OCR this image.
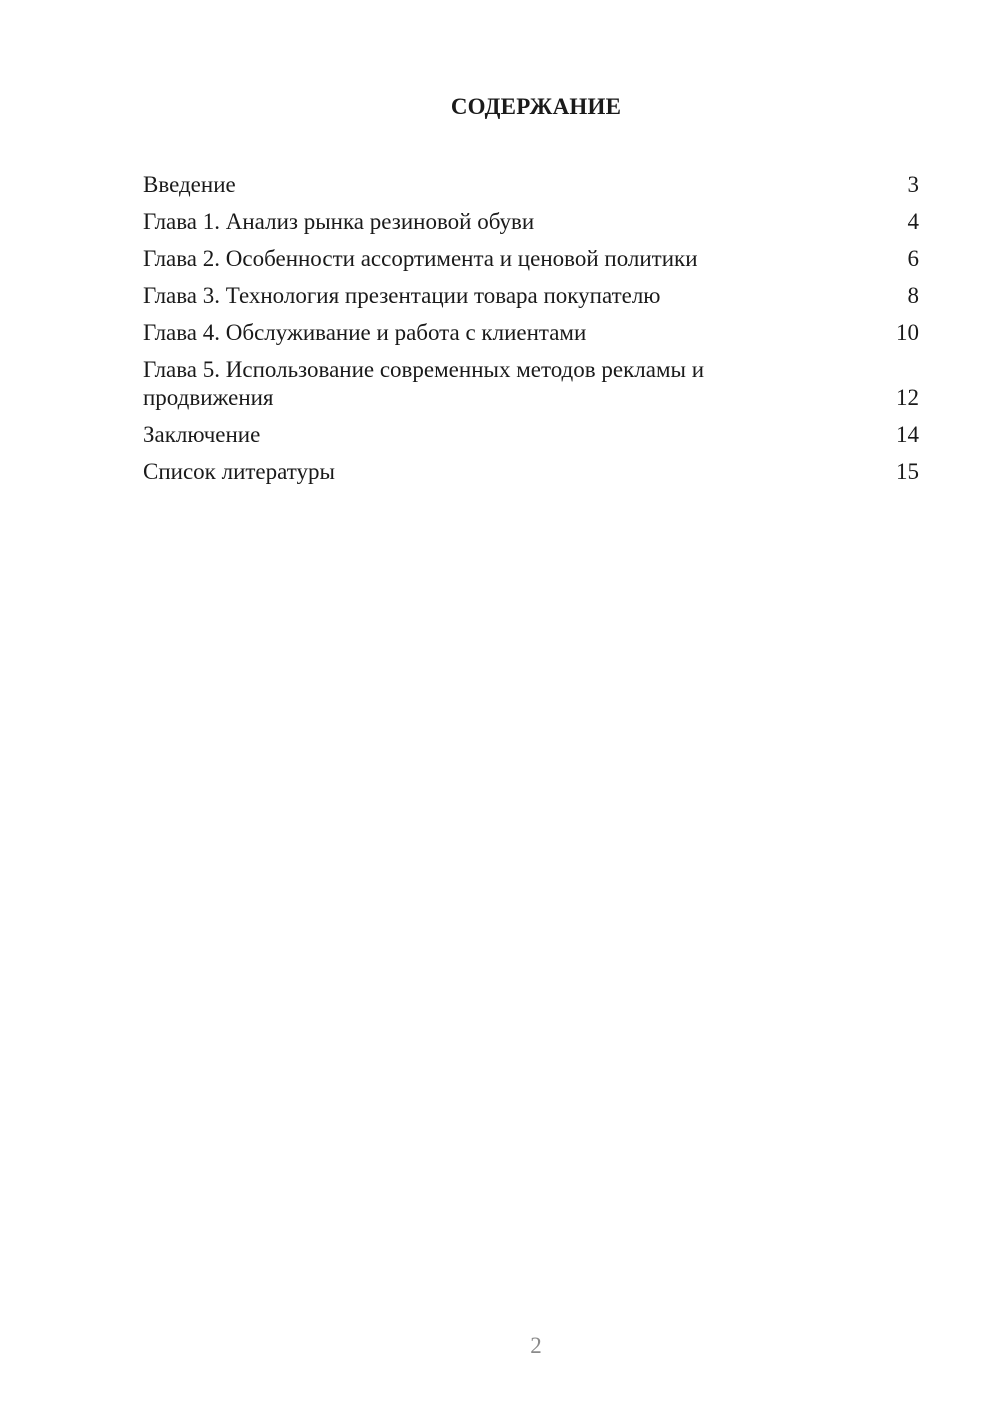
СОДЕРЖАНИЕ
Введение	3
Глава 1. Анализ рынка резиновой обуви	4
Глава 2. Особенности ассортимента и ценовой политики	6
Глава 3. Технология презентации товара покупателю	8
Глава 4. Обслуживание и работа с клиентами	10
Глава 5. Использование современных методов рекламы и продвижения	12
Заключение	14
Список литературы	15
2
